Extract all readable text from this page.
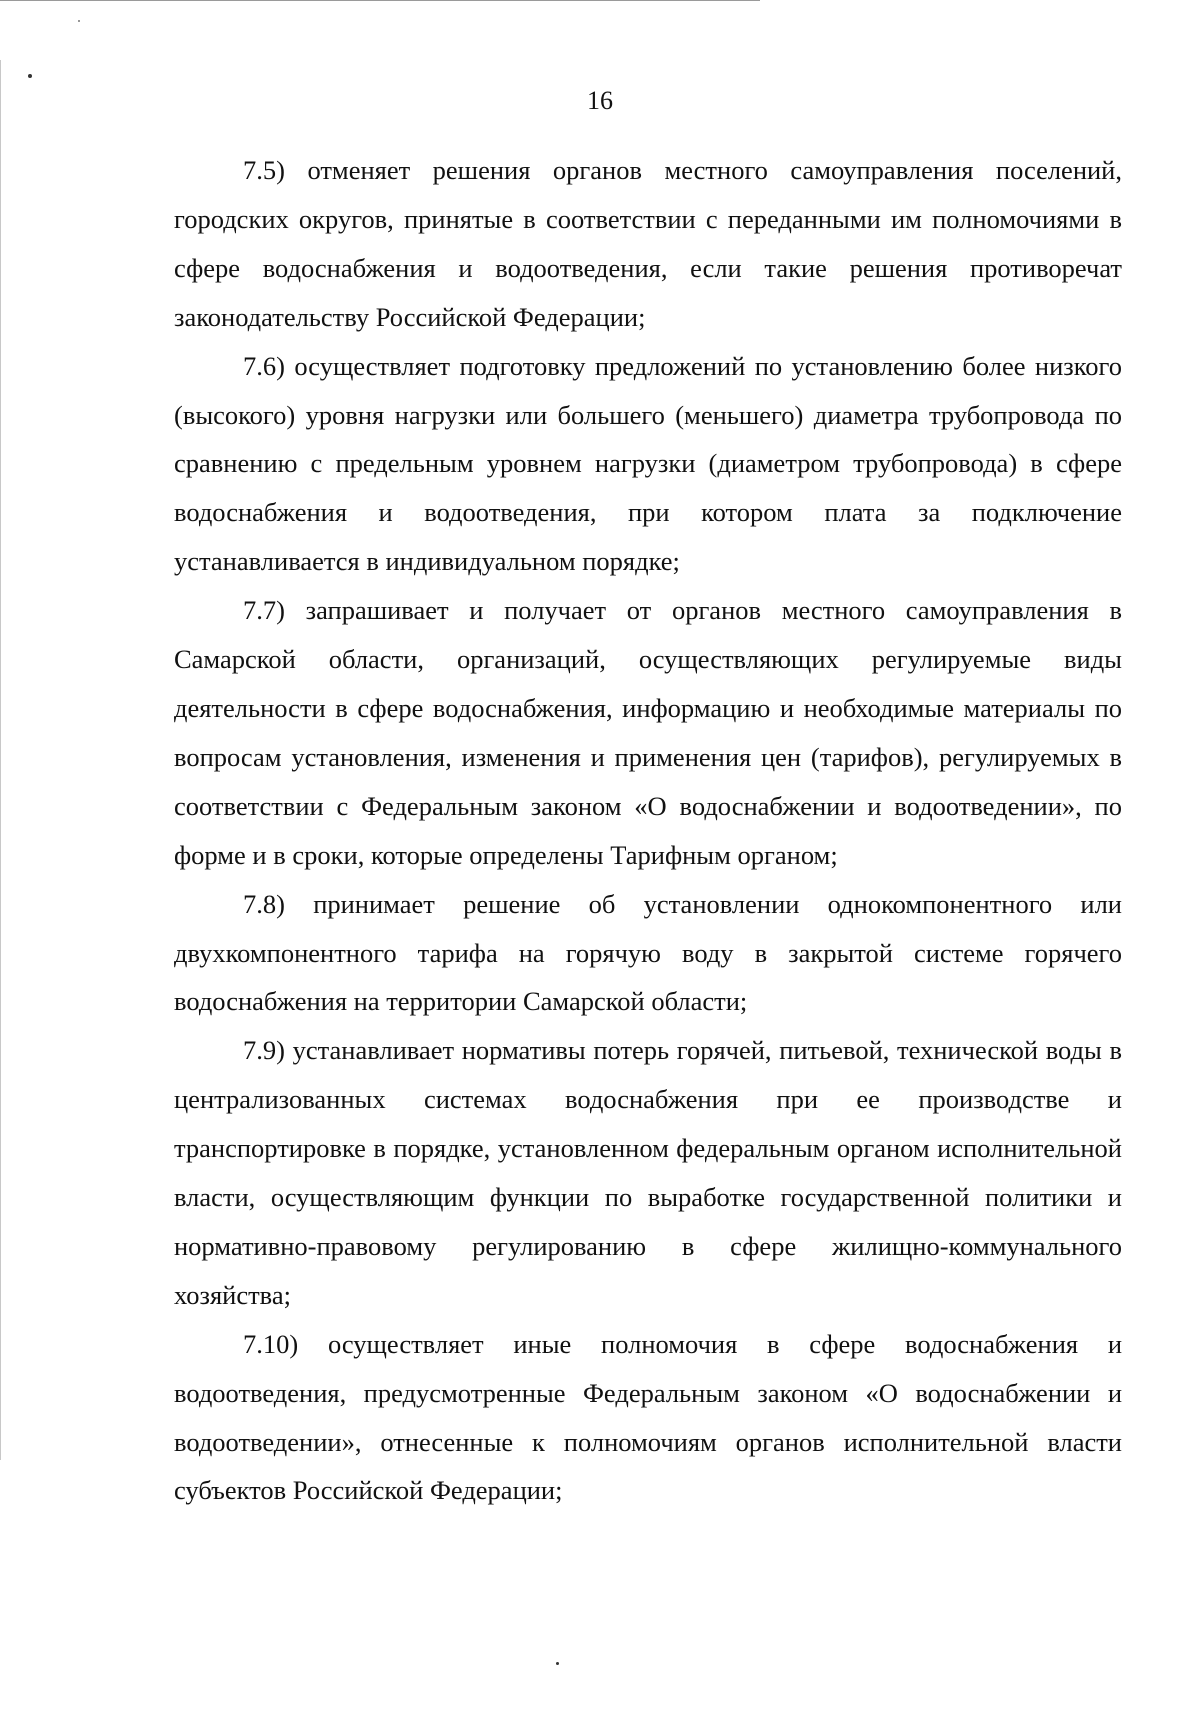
16

7.5) отменяет решения органов местного самоуправления поселений, городских округов, принятые в соответствии с переданными им полномочиями в сфере водоснабжения и водоотведения, если такие решения противоречат законодательству Российской Федерации;

7.6) осуществляет подготовку предложений по установлению более низкого (высокого) уровня нагрузки или большего (меньшего) диаметра трубопровода по сравнению с предельным уровнем нагрузки (диаметром трубопровода) в сфере водоснабжения и водоотведения, при котором плата за подключение устанавливается в индивидуальном порядке;

7.7) запрашивает и получает от органов местного самоуправления в Самарской области, организаций, осуществляющих регулируемые виды деятельности в сфере водоснабжения, информацию и необходимые материалы по вопросам установления, изменения и применения цен (тарифов), регулируемых в соответствии с Федеральным законом «О водоснабжении и водоотведении», по форме и в сроки, которые определены Тарифным органом;

7.8) принимает решение об установлении однокомпонентного или двухкомпонентного тарифа на горячую воду в закрытой системе горячего водоснабжения на территории Самарской области;

7.9) устанавливает нормативы потерь горячей, питьевой, технической воды в централизованных системах водоснабжения при ее производстве и транспортировке в порядке, установленном федеральным органом исполнительной власти, осуществляющим функции по выработке государственной политики и нормативно-правовому регулированию в сфере жилищно-коммунального хозяйства;

7.10) осуществляет иные полномочия в сфере водоснабжения и водоотведения, предусмотренные Федеральным законом «О водоснабжении и водоотведении», отнесенные к полномочиям органов исполнительной власти субъектов Российской Федерации;
